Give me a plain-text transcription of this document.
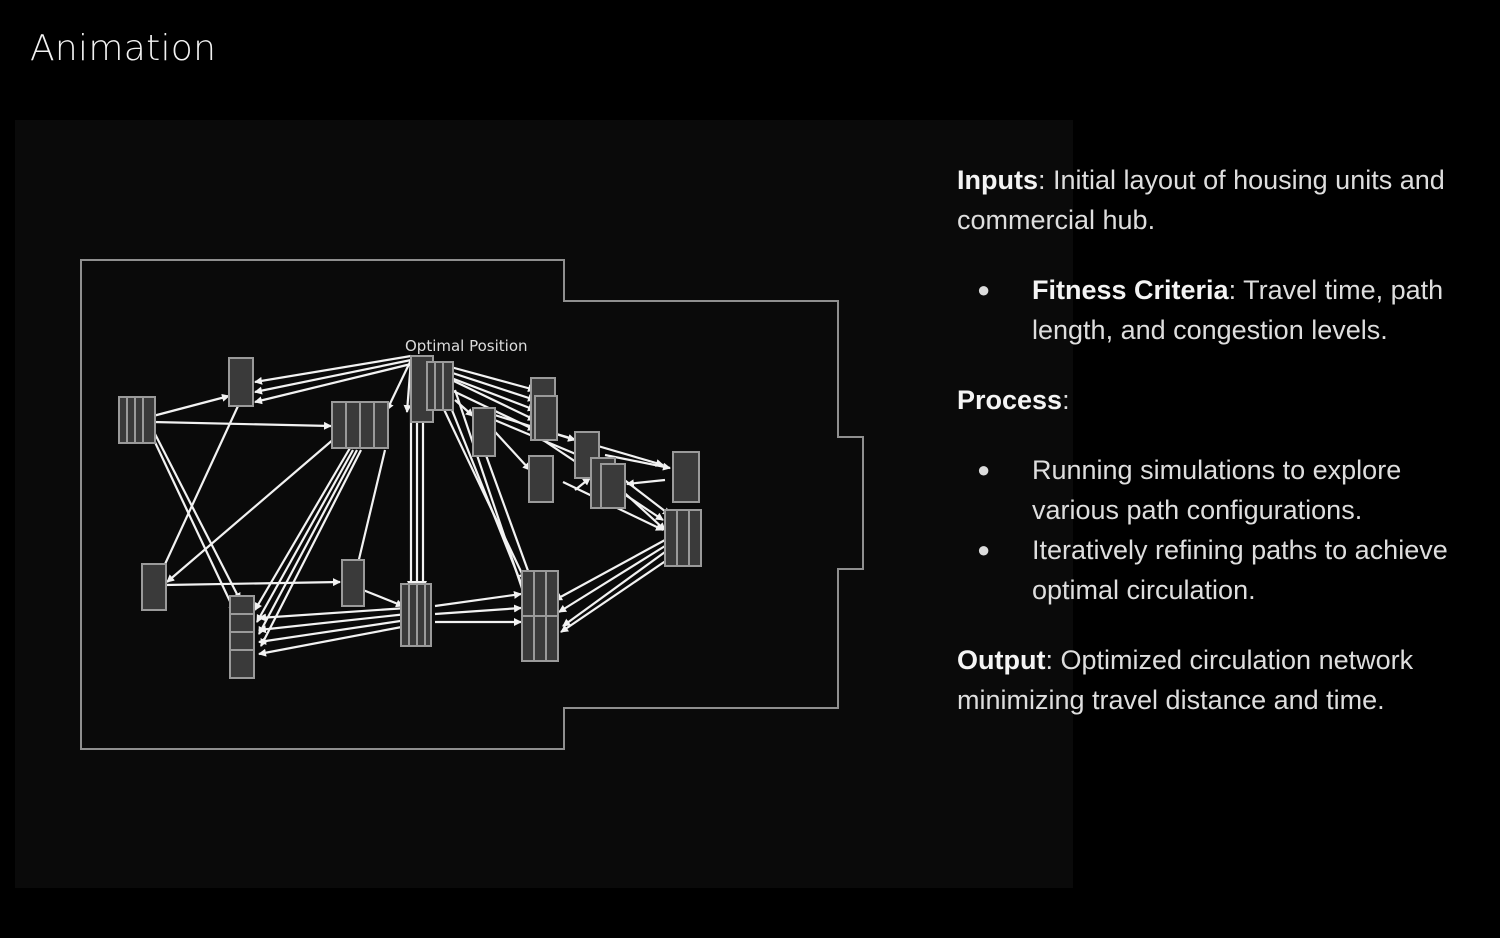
Animation
Optimal Position

Inputs: Initial layout of housing units and commercial hub.

● Fitness Criteria: Travel time, path length, and congestion levels.

Process:

● Running simulations to explore various path configurations.
● Iteratively refining paths to achieve optimal circulation.

Output: Optimized circulation network minimizing travel distance and time.
